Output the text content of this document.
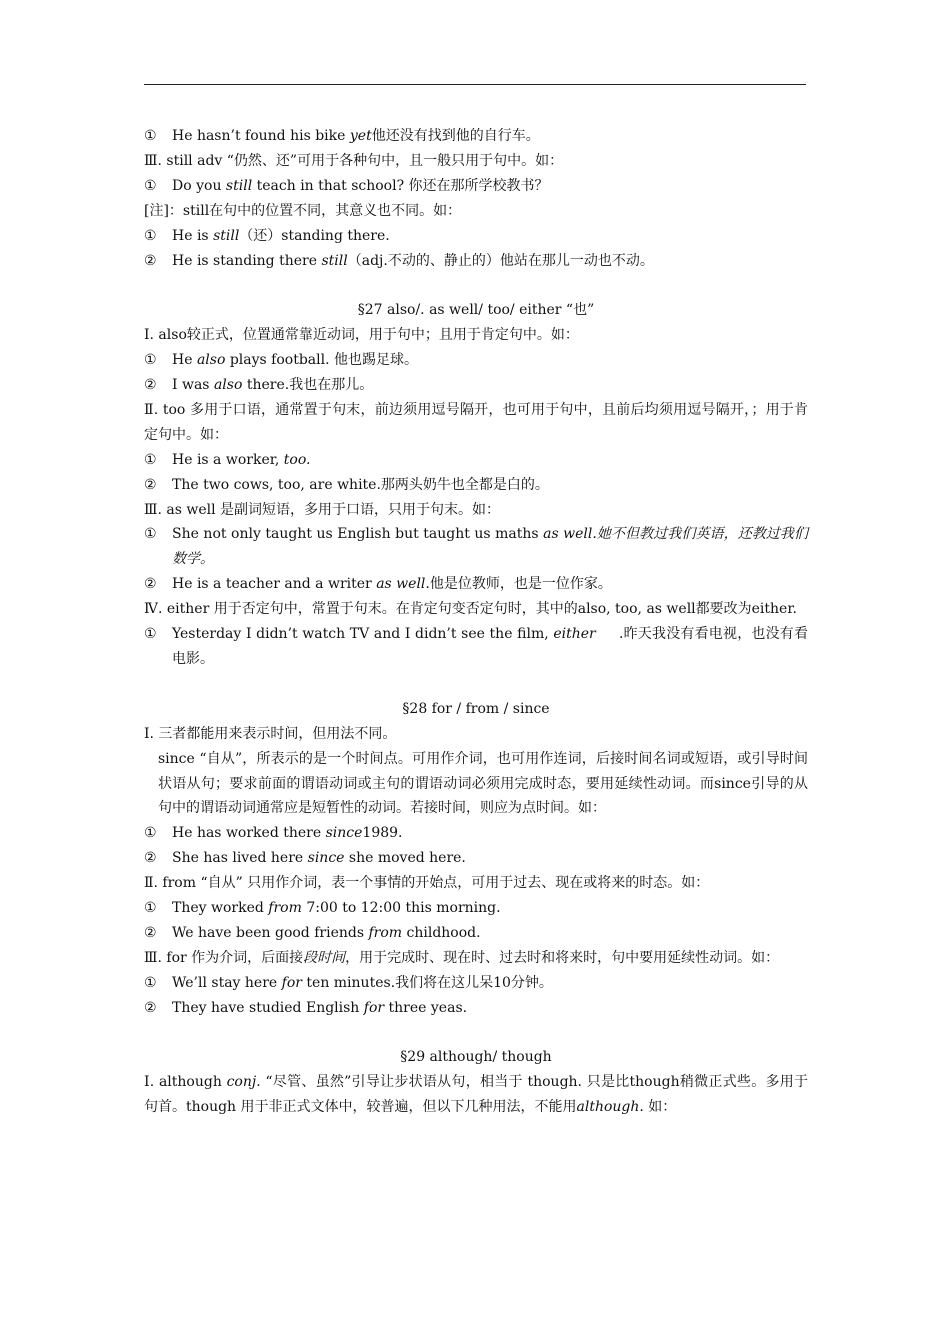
①	He hasn’t found his bike yet他还没有找到他的自行车。
Ⅲ. still adv “仍然、还”可用于各种句中，且一般只用于句中。如：
①	Do you still teach in that school? 你还在那所学校教书？
[注]：still在句中的位置不同，其意义也不同。如：
①	He is still（还）standing there.
②	He is standing there still（adj.不动的、静止的）他站在那儿一动也不动。
§27 also/. as well/ too/ either “也”
Ⅰ. also较正式，位置通常靠近动词，用于句中；且用于肯定句中。如：
①	He also plays football. 他也踢足球。
②	I was also there.我也在那儿。
Ⅱ. too 多用于口语，通常置于句末，前边须用逗号隔开，也可用于句中，且前后均须用逗号隔开，；用于肯定句中。如：
①	He is a worker, too.
②	The two cows, too, are white.那两头奶牛也全都是白的。
Ⅲ. as well 是副词短语，多用于口语，只用于句末。如：
①	She not only taught us English but taught us maths as well.她不但教过我们英语，还教过我们数学。
②	He is a teacher and a writer as well.他是位教师，也是一位作家。
Ⅳ. either 用于否定句中，常置于句末。在肯定句变否定句时，其中的also, too, as well都要改为either.
①	Yesterday I didn’t watch TV and I didn’t see the film, either     .昨天我没有看电视，也没有看电影。
§28 for / from / since
Ⅰ. 三者都能用来表示时间，但用法不同。
since “自从”，所表示的是一个时间点。可用作介词，也可用作连词，后接时间名词或短语，或引导时间状语从句；要求前面的谓语动词或主句的谓语动词必须用完成时态，要用延续性动词。而since引导的从句中的谓语动词通常应是短暂性的动词。若接时间，则应为点时间。如：
①	He has worked there since1989.
②	She has lived here since she moved here.
Ⅱ. from “自从” 只用作介词，表一个事情的开始点，可用于过去、现在或将来的时态。如：
①	They worked from 7:00 to 12:00 this morning.
②	We have been good friends from childhood.
Ⅲ. for 作为介词，后面接段时间，用于完成时、现在时、过去时和将来时，句中要用延续性动词。如：
①	We’ll stay here for ten minutes.我们将在这儿呆10分钟。
②	They have studied English for three yeas.
§29 although/ though
Ⅰ. although conj. “尽管、虽然”引导让步状语从句，相当于 though. 只是比though稍微正式些。多用于句首。though 用于非正式文体中，较普遍，但以下几种用法，不能用although. 如：
